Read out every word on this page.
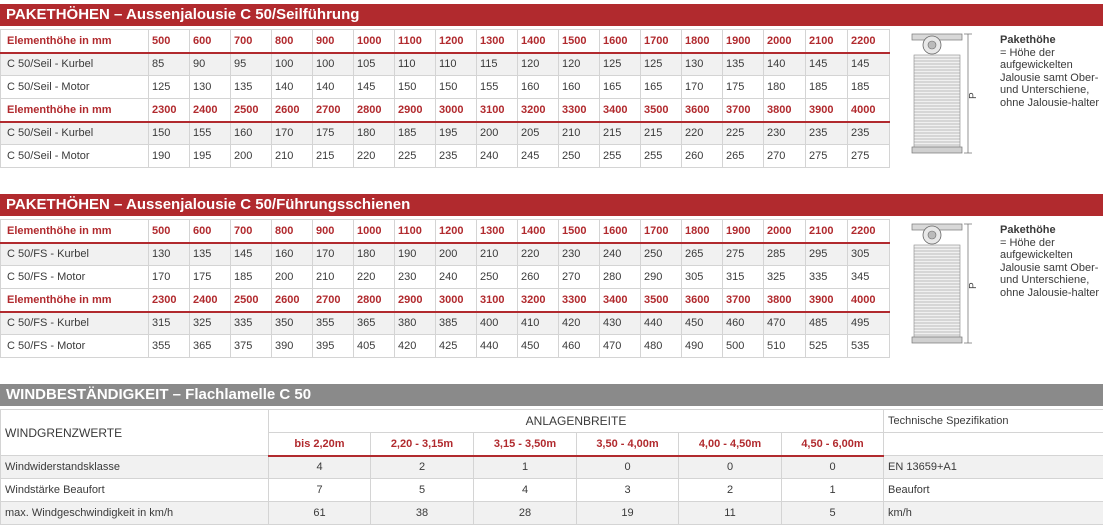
PAKETHÖHEN – Aussenjalousie C 50/Seilführung
Elementhöhe in mm	500	600	700	800	900	1000	1100	1200	1300	1400	1500	1600	1700	1800	1900	2000	2100	2200
C 50/Seil - Kurbel	85	90	95	100	100	105	110	110	115	120	120	125	125	130	135	140	145	145
C 50/Seil - Motor	125	130	135	140	140	145	150	150	155	160	160	165	165	170	175	180	185	185
Elementhöhe in mm	2300	2400	2500	2600	2700	2800	2900	3000	3100	3200	3300	3400	3500	3600	3700	3800	3900	4000
C 50/Seil - Kurbel	150	155	160	170	175	180	185	195	200	205	210	215	215	220	225	230	235	235
C 50/Seil - Motor	190	195	200	210	215	220	225	235	240	245	250	255	255	260	265	270	275	275
P
Pakethöhe
= Höhe der aufgewickelten Jalousie samt Ober- und Unterschiene, ohne Jalousie-halter
PAKETHÖHEN – Aussenjalousie C 50/Führungsschienen
Elementhöhe in mm	500	600	700	800	900	1000	1100	1200	1300	1400	1500	1600	1700	1800	1900	2000	2100	2200
C 50/FS - Kurbel	130	135	145	160	170	180	190	200	210	220	230	240	250	265	275	285	295	305
C 50/FS - Motor	170	175	185	200	210	220	230	240	250	260	270	280	290	305	315	325	335	345
Elementhöhe in mm	2300	2400	2500	2600	2700	2800	2900	3000	3100	3200	3300	3400	3500	3600	3700	3800	3900	4000
C 50/FS - Kurbel	315	325	335	350	355	365	380	385	400	410	420	430	440	450	460	470	485	495
C 50/FS - Motor	355	365	375	390	395	405	420	425	440	450	460	470	480	490	500	510	525	535
P
Pakethöhe
= Höhe der aufgewickelten Jalousie samt Ober- und Unterschiene, ohne Jalousie-halter
WINDBESTÄNDIGKEIT – Flachlamelle C 50
WINDGRENZWERTE	ANLAGENBREITE						Technische Spezifikation
	bis 2,20m	2,20 - 3,15m	3,15 - 3,50m	3,50 - 4,00m	4,00 - 4,50m	4,50 - 6,00m	
Windwiderstandsklasse	4	2	1	0	0	0	EN 13659+A1
Windstärke Beaufort	7	5	4	3	2	1	Beaufort
max. Windgeschwindigkeit in km/h	61	38	28	19	11	5	km/h
